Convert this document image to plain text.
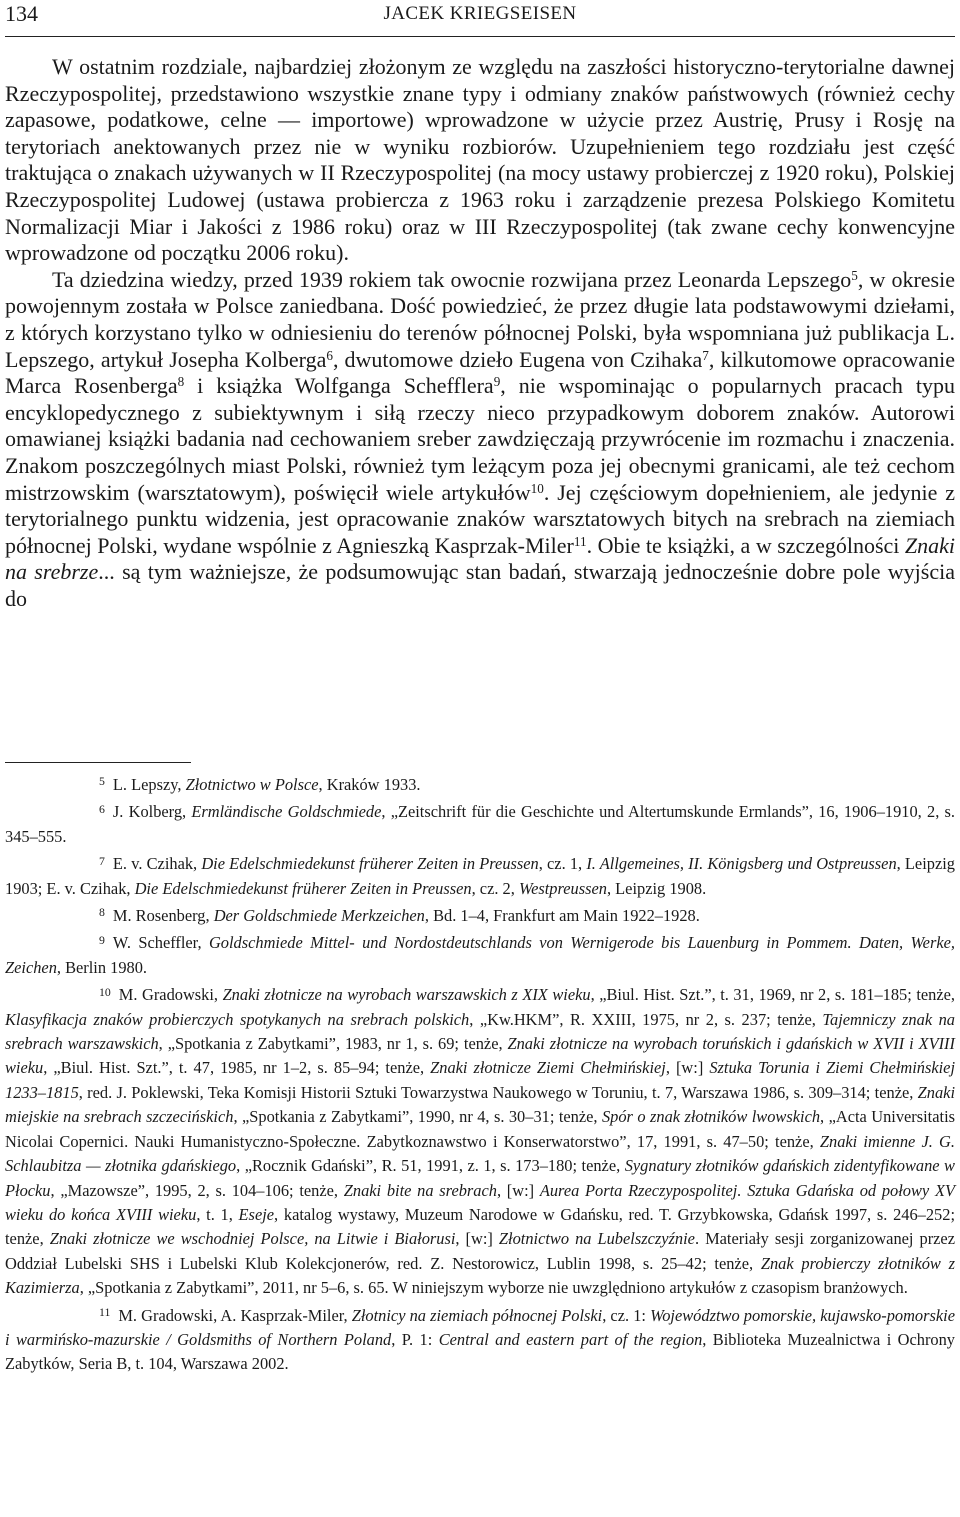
134	JACEK KRIEGSEISEN

W ostatnim rozdziale, najbardziej złożonym ze względu na zaszłości historyczno-terytorialne dawnej Rzeczypospolitej, przedstawiono wszystkie znane typy i odmiany znaków państwowych (również cechy zapasowe, podatkowe, celne — importowe) wprowadzone w użycie przez Austrię, Prusy i Rosję na terytoriach anektowanych przez nie w wyniku rozbiorów. Uzupełnieniem tego rozdziału jest część traktująca o znakach używanych w II Rzeczypospolitej (na mocy ustawy probierczej z 1920 roku), Polskiej Rzeczypospolitej Ludowej (ustawa probiercza z 1963 roku i zarządzenie prezesa Polskiego Komitetu Normalizacji Miar i Jakości z 1986 roku) oraz w III Rzeczypospolitej (tak zwane cechy konwencyjne wprowadzone od początku 2006 roku).

Ta dziedzina wiedzy, przed 1939 rokiem tak owocnie rozwijana przez Leonarda Lepszego$^5$, w okresie powojennym została w Polsce zaniedbana. Dość powiedzieć, że przez długie lata podstawowymi dziełami, z których korzystano tylko w odniesieniu do terenów północnej Polski, była wspomniana już publikacja L. Lepszego, artykuł Josepha Kolberga$^6$, dwutomowe dzieło Eugena von Czihaka$^7$, kilkutomowe opracowanie Marca Rosenberga$^8$ i książka Wolfganga Schefflera$^9$, nie wspominając o popularnych pracach typu encyklopedycznego z subiektywnym i siłą rzeczy nieco przypadkowym doborem znaków. Autorowi omawianej książki badania nad cechowaniem sreber zawdzięczają przywrócenie im rozmachu i znaczenia. Znakom poszczególnych miast Polski, również tym leżącym poza jej obecnymi granicami, ale też cechom mistrzowskim (warsztatowym), poświęcił wiele artykułów$^{10}$. Jej częściowym dopełnieniem, ale jedynie z terytorialnego punktu widzenia, jest opracowanie znaków warsztatowych bitych na srebrach na ziemiach północnej Polski, wydane wspólnie z Agnieszką Kasprzak-Miler$^{11}$. Obie te książki, a w szczególności Znaki na srebrze... są tym ważniejsze, że podsumowując stan badań, stwarzają jednocześnie dobre pole wyjścia do

5 L. Lepszy, Złotnictwo w Polsce, Kraków 1933.

6 J. Kolberg, Ermländische Goldschmiede, „Zeitschrift für die Geschichte und Altertumskunde Ermlands”, 16, 1906–1910, 2, s. 345–555.

7 E. v. Czihak, Die Edelschmiedekunst früherer Zeiten in Preussen, cz. 1, I. Allgemeines, II. Königsberg und Ostpreussen, Leipzig 1903; E. v. Czihak, Die Edelschmiedekunst früherer Zeiten in Preussen, cz. 2, Westpreussen, Leipzig 1908.

8 M. Rosenberg, Der Goldschmiede Merkzeichen, Bd. 1–4, Frankfurt am Main 1922–1928.

9 W. Scheffler, Goldschmiede Mittel- und Nordostdeutschlands von Wernigerode bis Lauenburg in Pommem. Daten, Werke, Zeichen, Berlin 1980.

10 M. Gradowski, Znaki złotnicze na wyrobach warszawskich z XIX wieku, „Biul. Hist. Szt.”, t. 31, 1969, nr 2, s. 181–185; tenże, Klasyfikacja znaków probierczych spotykanych na srebrach polskich, „Kw.HKM”, R. XXIII, 1975, nr 2, s. 237; tenże, Tajemniczy znak na srebrach warszawskich, „Spotkania z Zabytkami”, 1983, nr 1, s. 69; tenże, Znaki złotnicze na wyrobach toruńskich i gdańskich w XVII i XVIII wieku, „Biul. Hist. Szt.”, t. 47, 1985, nr 1–2, s. 85–94; tenże, Znaki złotnicze Ziemi Chełmińskiej, [w:] Sztuka Torunia i Ziemi Chełmińskiej 1233–1815, red. J. Poklewski, Teka Komisji Historii Sztuki Towarzystwa Naukowego w Toruniu, t. 7, Warszawa 1986, s. 309–314; tenże, Znaki miejskie na srebrach szczecińskich, „Spotkania z Zabytkami”, 1990, nr 4, s. 30–31; tenże, Spór o znak złotników lwowskich, „Acta Universitatis Nicolai Copernici. Nauki Humanistyczno-Społeczne. Zabytkoznawstwo i Konserwatorstwo”, 17, 1991, s. 47–50; tenże, Znaki imienne J. G. Schlaubitza — złotnika gdańskiego, „Rocznik Gdański”, R. 51, 1991, z. 1, s. 173–180; tenże, Sygnatury złotników gdańskich zidentyfikowane w Płocku, „Mazowsze”, 1995, 2, s. 104–106; tenże, Znaki bite na srebrach, [w:] Aurea Porta Rzeczypospolitej. Sztuka Gdańska od połowy XV wieku do końca XVIII wieku, t. 1, Eseje, katalog wystawy, Muzeum Narodowe w Gdańsku, red. T. Grzybkowska, Gdańsk 1997, s. 246–252; tenże, Znaki złotnicze we wschodniej Polsce, na Litwie i Białorusi, [w:] Złotnictwo na Lubelszczyźnie. Materiały sesji zorganizowanej przez Oddział Lubelski SHS i Lubelski Klub Kolekcjonerów, red. Z. Nestorowicz, Lublin 1998, s. 25–42; tenże, Znak probierczy złotników z Kazimierza, „Spotkania z Zabytkami”, 2011, nr 5–6, s. 65. W niniejszym wyborze nie uwzględniono artykułów z czasopism branżowych.

11 M. Gradowski, A. Kasprzak-Miler, Złotnicy na ziemiach północnej Polski, cz. 1: Województwo pomorskie, kujawsko-pomorskie i warmińsko-mazurskie / Goldsmiths of Northern Poland, P. 1: Central and eastern part of the region, Biblioteka Muzealnictwa i Ochrony Zabytków, Seria B, t. 104, Warszawa 2002.
